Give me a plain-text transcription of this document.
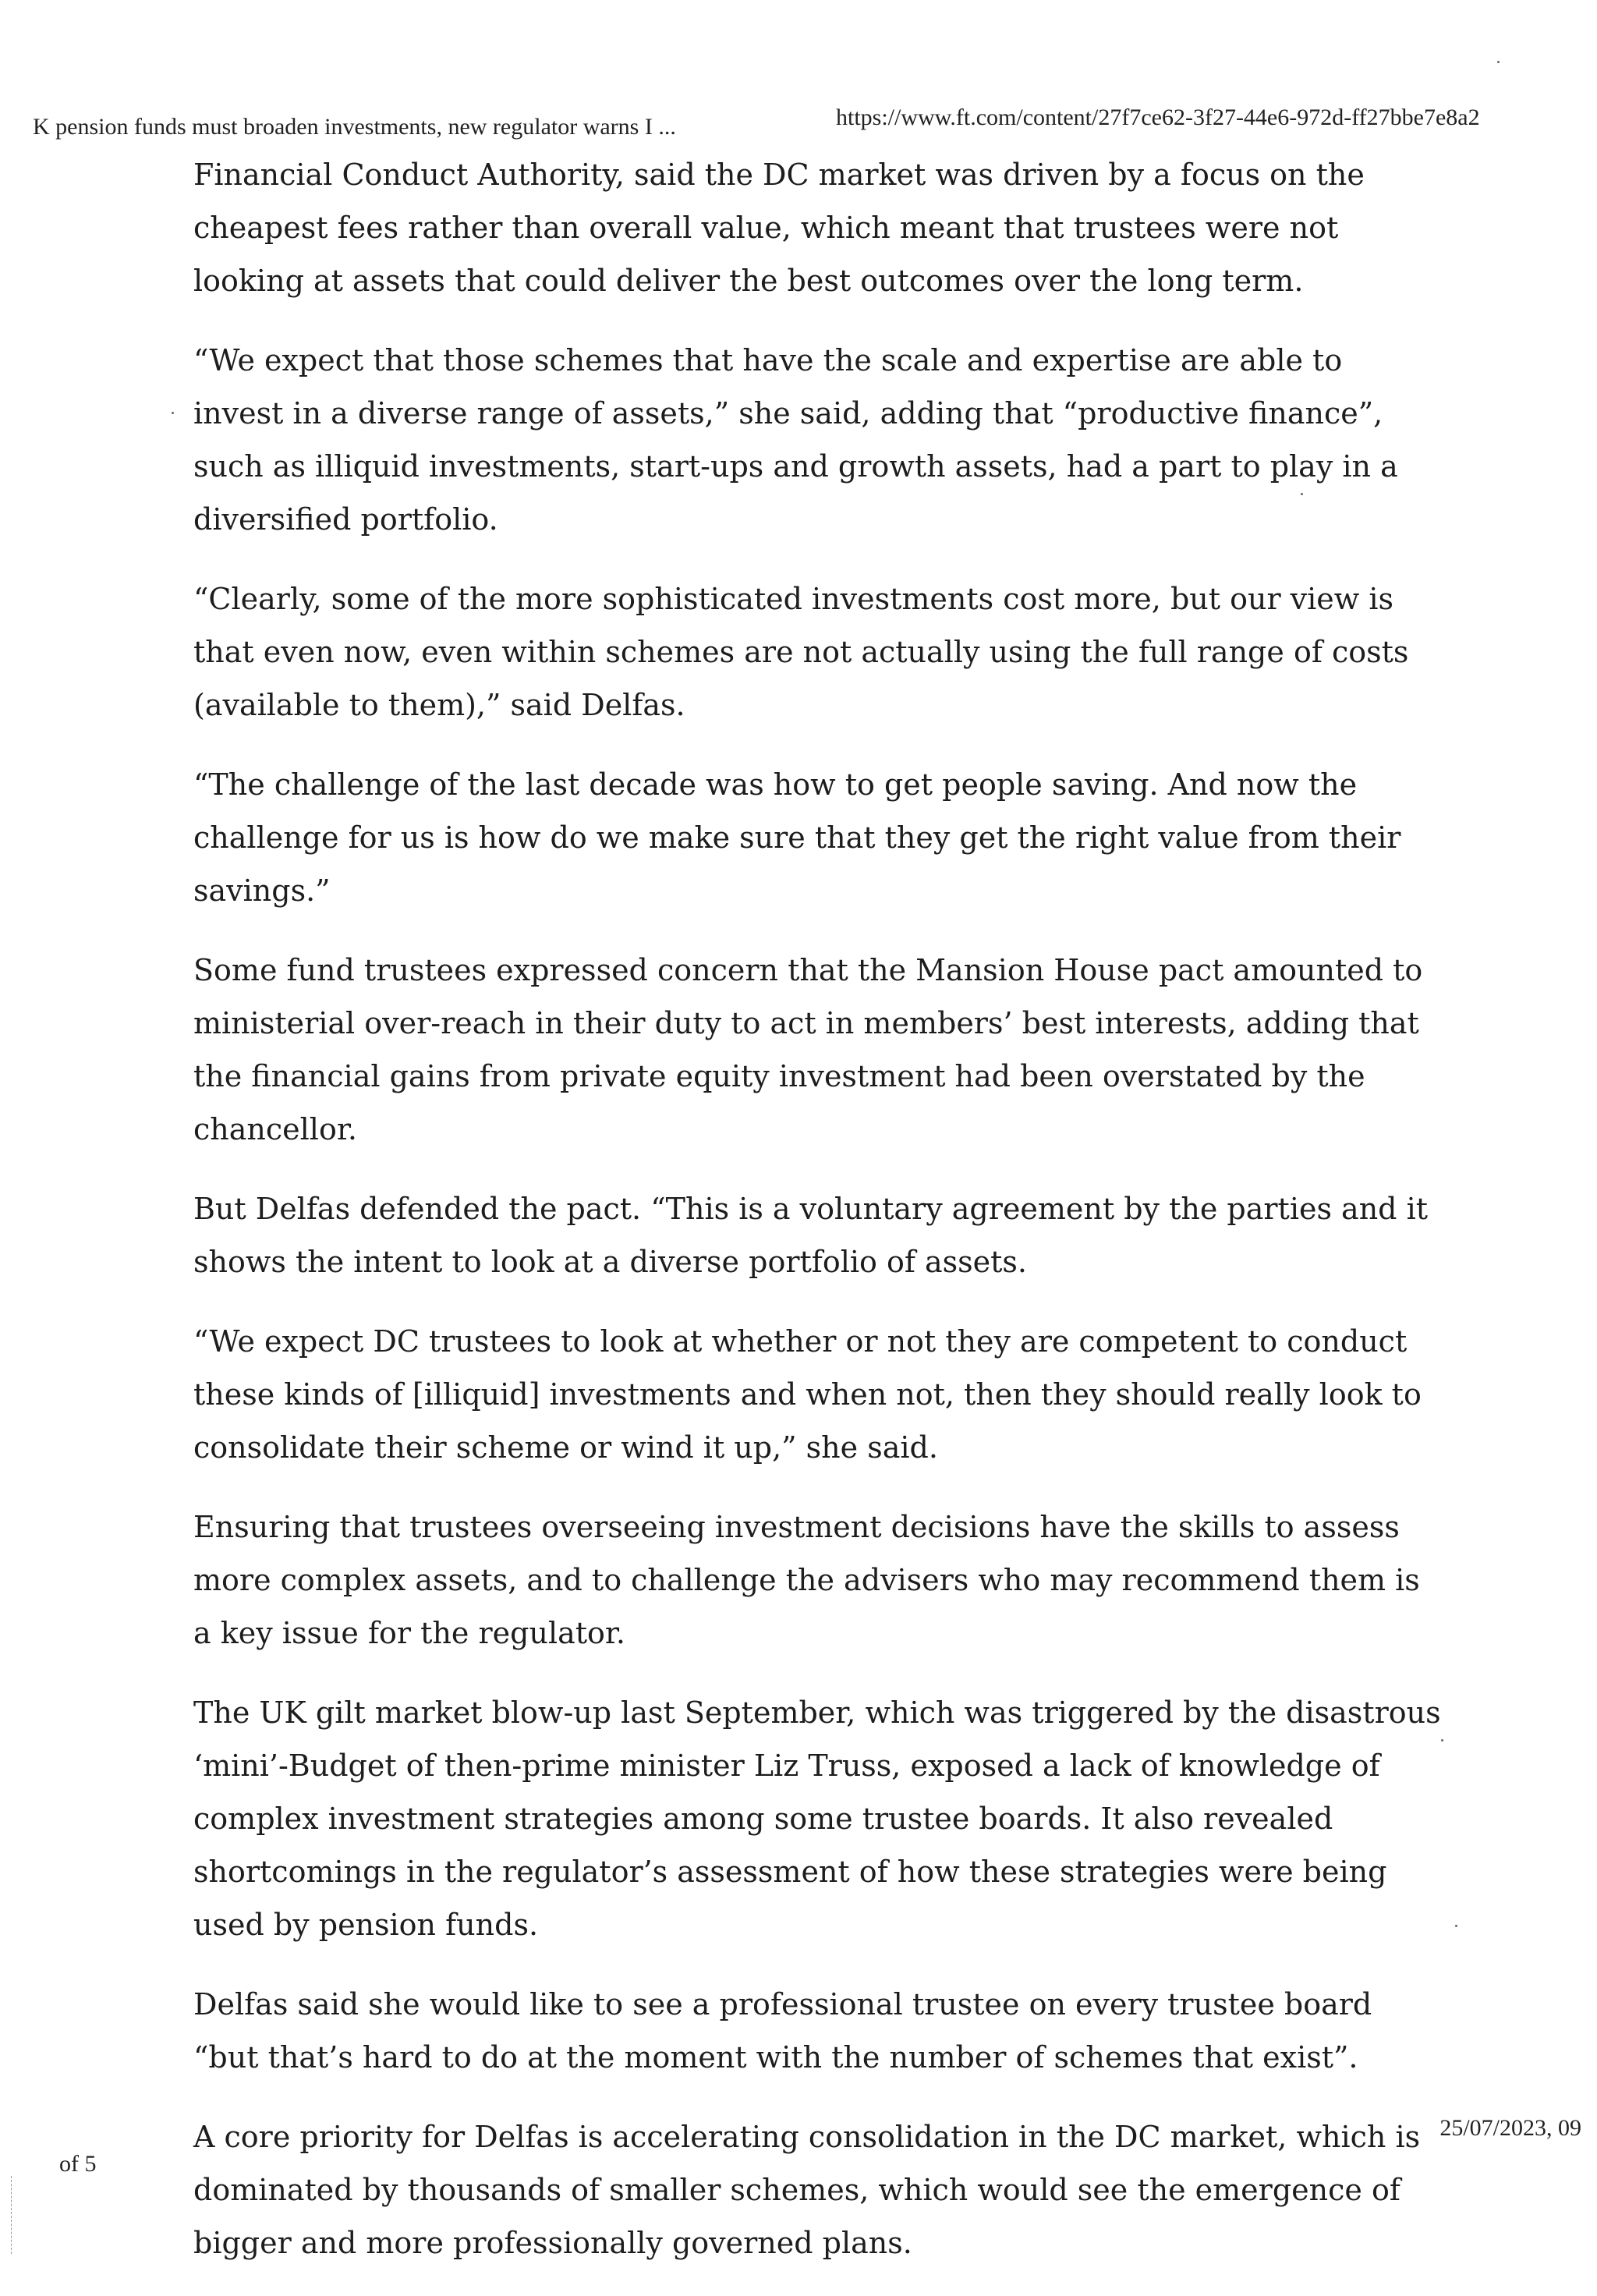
K pension funds must broaden investments, new regulator warns I ...	https://www.ft.com/content/27f7ce62-3f27-44e6-972d-ff27bbe7e8a2

Financial Conduct Authority, said the DC market was driven by a focus on the cheapest fees rather than overall value, which meant that trustees were not looking at assets that could deliver the best outcomes over the long term.

“We expect that those schemes that have the scale and expertise are able to invest in a diverse range of assets,” she said, adding that “productive finance”, such as illiquid investments, start-ups and growth assets, had a part to play in a diversified portfolio.

“Clearly, some of the more sophisticated investments cost more, but our view is that even now, even within schemes are not actually using the full range of costs (available to them),” said Delfas.

“The challenge of the last decade was how to get people saving. And now the challenge for us is how do we make sure that they get the right value from their savings.”

Some fund trustees expressed concern that the Mansion House pact amounted to ministerial over-reach in their duty to act in members’ best interests, adding that the financial gains from private equity investment had been overstated by the chancellor.

But Delfas defended the pact. “This is a voluntary agreement by the parties and it shows the intent to look at a diverse portfolio of assets.

“We expect DC trustees to look at whether or not they are competent to conduct these kinds of [illiquid] investments and when not, then they should really look to consolidate their scheme or wind it up,” she said.

Ensuring that trustees overseeing investment decisions have the skills to assess more complex assets, and to challenge the advisers who may recommend them is a key issue for the regulator.

The UK gilt market blow-up last September, which was triggered by the disastrous ‘mini’-Budget of then-prime minister Liz Truss, exposed a lack of knowledge of complex investment strategies among some trustee boards. It also revealed shortcomings in the regulator’s assessment of how these strategies were being used by pension funds.

Delfas said she would like to see a professional trustee on every trustee board “but that’s hard to do at the moment with the number of schemes that exist”.

A core priority for Delfas is accelerating consolidation in the DC market, which is dominated by thousands of smaller schemes, which would see the emergence of bigger and more professionally governed plans.

of 5
25/07/2023, 09
